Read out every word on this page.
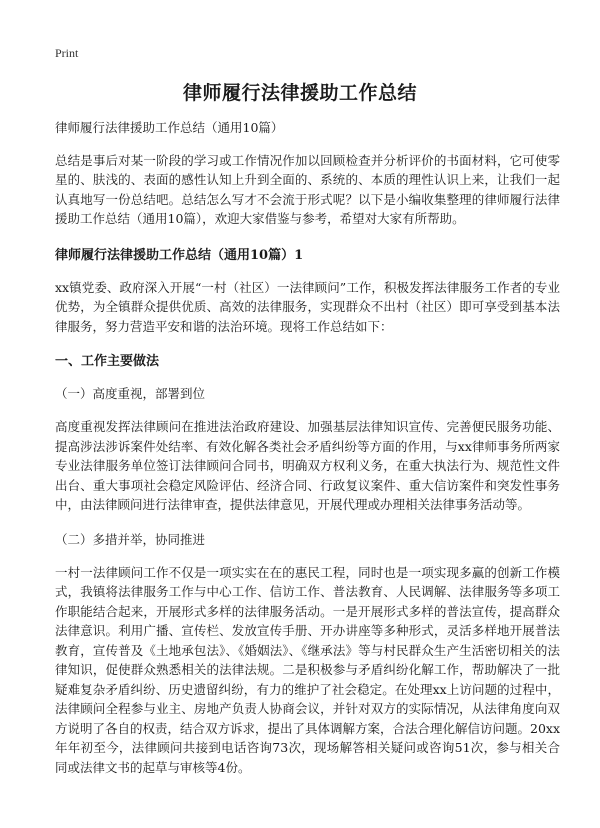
Print
律师履行法律援助工作总结

律师履行法律援助工作总结（通用10篇）

总结是事后对某一阶段的学习或工作情况作加以回顾检查并分析评价的书面材料，它可使零星的、肤浅的、表面的感性认知上升到全面的、系统的、本质的理性认识上来，让我们一起认真地写一份总结吧。总结怎么写才不会流于形式呢？以下是小编收集整理的律师履行法律援助工作总结（通用10篇），欢迎大家借鉴与参考，希望对大家有所帮助。

律师履行法律援助工作总结（通用10篇）1

xx镇党委、政府深入开展“一村（社区）一法律顾问”工作，积极发挥法律服务工作者的专业优势，为全镇群众提供优质、高效的法律服务，实现群众不出村（社区）即可享受到基本法律服务，努力营造平安和谐的法治环境。现将工作总结如下：

一、工作主要做法
（一）高度重视，部署到位

高度重视发挥法律顾问在推进法治政府建设、加强基层法律知识宣传、完善便民服务功能、提高涉法涉诉案件处结率、有效化解各类社会矛盾纠纷等方面的作用，与xx律师事务所两家专业法律服务单位签订法律顾问合同书，明确双方权利义务，在重大执法行为、规范性文件出台、重大事项社会稳定风险评估、经济合同、行政复议案件、重大信访案件和突发性事务中，由法律顾问进行法律审查，提供法律意见，开展代理或办理相关法律事务活动等。

（二）多措并举，协同推进

一村一法律顾问工作不仅是一项实实在在的惠民工程，同时也是一项实现多赢的创新工作模式，我镇将法律服务工作与中心工作、信访工作、普法教育、人民调解、法律服务等多项工作职能结合起来，开展形式多样的法律服务活动。一是开展形式多样的普法宣传，提高群众法律意识。利用广播、宣传栏、发放宣传手册、开办讲座等多种形式，灵活多样地开展普法教育，宣传普及《土地承包法》、《婚姻法》、《继承法》等与村民群众生产生活密切相关的法律知识，促使群众熟悉相关的法律法规。二是积极参与矛盾纠纷化解工作，帮助解决了一批疑难复杂矛盾纠纷、历史遗留纠纷，有力的维护了社会稳定。在处理xx上访问题的过程中，法律顾问全程参与业主、房地产负责人协商会议，并针对双方的实际情况，从法律角度向双方说明了各自的权责，结合双方诉求，提出了具体调解方案，合法合理化解信访问题。20xx年年初至今，法律顾问共接到电话咨询73次，现场解答相关疑问或咨询51次，参与相关合同或法律文书的起草与审核等4份。
